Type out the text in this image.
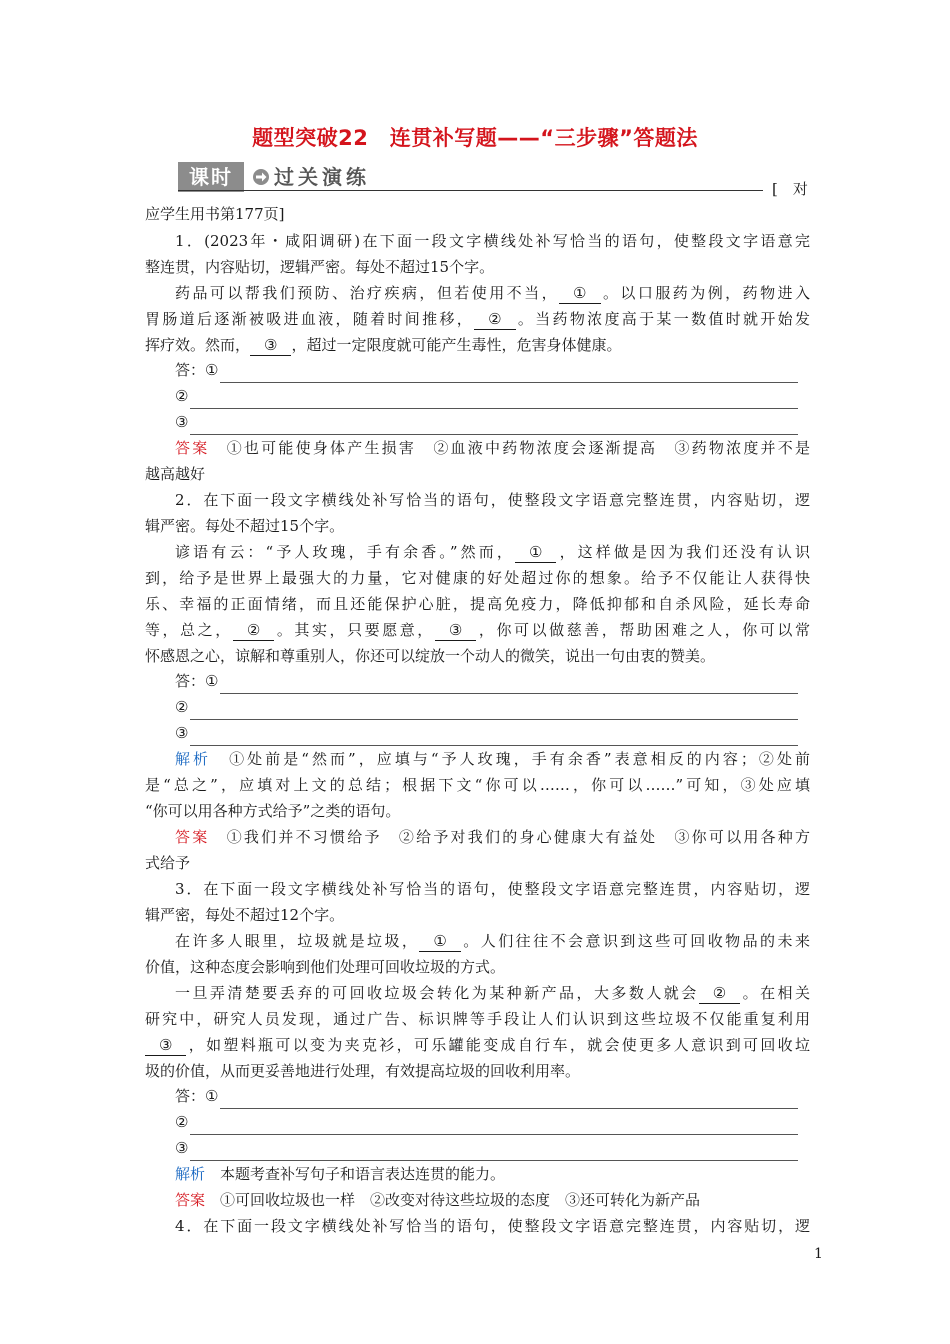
题型突破22　连贯补写题——“三步骤”答题法
课时	过关演练	[　对
应学生用书第177页]
1．(2023年・咸阳调研)在下面一段文字横线处补写恰当的语句，使整段文字语意完
整连贯，内容贴切，逻辑严密。每处不超过15个字。
药品可以帮我们预防、治疗疾病，但若使用不当， ① 。以口服药为例，药物进入
胃肠道后逐渐被吸进血液，随着时间推移， ② 。当药物浓度高于某一数值时就开始发
挥疗效。然而， ③ ，超过一定限度就可能产生毒性，危害身体健康。
答： ①
②
③
答案　 ①也可能使身体产生损害　②血液中药物浓度会逐渐提高　③药物浓度并不是
越高越好
2．在下面一段文字横线处补写恰当的语句，使整段文字语意完整连贯，内容贴切，逻
辑严密。每处不超过15个字。
谚语有云：“予人玫瑰，手有余香。”然而， ① ，这样做是因为我们还没有认识
到，给予是世界上最强大的力量，它对健康的好处超过你的想象。给予不仅能让人获得快
乐、幸福的正面情绪，而且还能保护心脏，提高免疫力，降低抑郁和自杀风险，延长寿命
等，总之， ② 。其实，只要愿意， ③ ，你可以做慈善，帮助困难之人，你可以常
怀感恩之心，谅解和尊重别人，你还可以绽放一个动人的微笑，说出一句由衷的赞美。
答： ①
②
③
解析　 ①处前是“然而”，应填与“予人玫瑰，手有余香”表意相反的内容；②处前
是“总之”，应填对上文的总结；根据下文“你可以……，你可以……”可知，③处应填
“你可以用各种方式给予”之类的语句。
答案　 ①我们并不习惯给予　②给予对我们的身心健康大有益处　③你可以用各种方
式给予
3．在下面一段文字横线处补写恰当的语句，使整段文字语意完整连贯，内容贴切，逻
辑严密，每处不超过12个字。
在许多人眼里，垃圾就是垃圾， ① 。人们往往不会意识到这些可回收物品的未来
价值，这种态度会影响到他们处理可回收垃圾的方式。
一旦弄清楚要丢弃的可回收垃圾会转化为某种新产品，大多数人就会 ② 。在相关
研究中，研究人员发现，通过广告、标识牌等手段让人们认识到这些垃圾不仅能重复利用
③ ，如塑料瓶可以变为夹克衫，可乐罐能变成自行车，就会使更多人意识到可回收垃
圾的价值，从而更妥善地进行处理，有效提高垃圾的回收利用率。
答： ①
②
③
解析　 本题考查补写句子和语言表达连贯的能力。
答案　 ①可回收垃圾也一样　②改变对待这些垃圾的态度　③还可转化为新产品
4．在下面一段文字横线处补写恰当的语句，使整段文字语意完整连贯，内容贴切，逻
1
